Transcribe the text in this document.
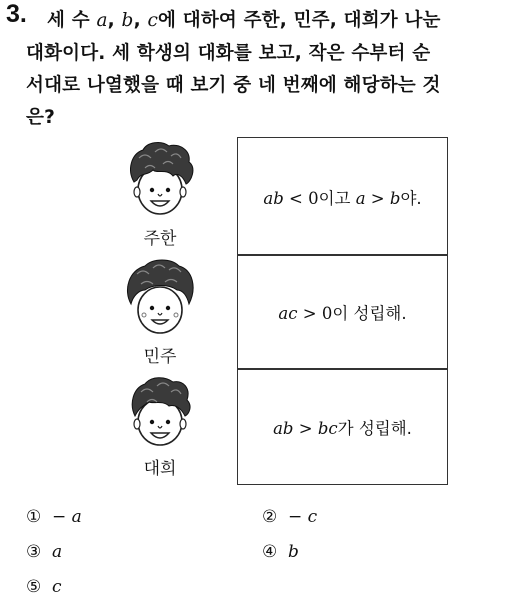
3. 세 수 a, b, c에 대하여 주한, 민주, 대희가 나눈
대화이다. 세 학생의 대화를 보고, 작은 수부터 순
서대로 나열했을 때 보기 중 네 번째에 해당하는 것
은?
주한
민주
대희
ab < 0이고 a > b야.
ac > 0이 성립해.
ab > bc가 성립해.
① − a	② − c
③ a	④ b
⑤ c
